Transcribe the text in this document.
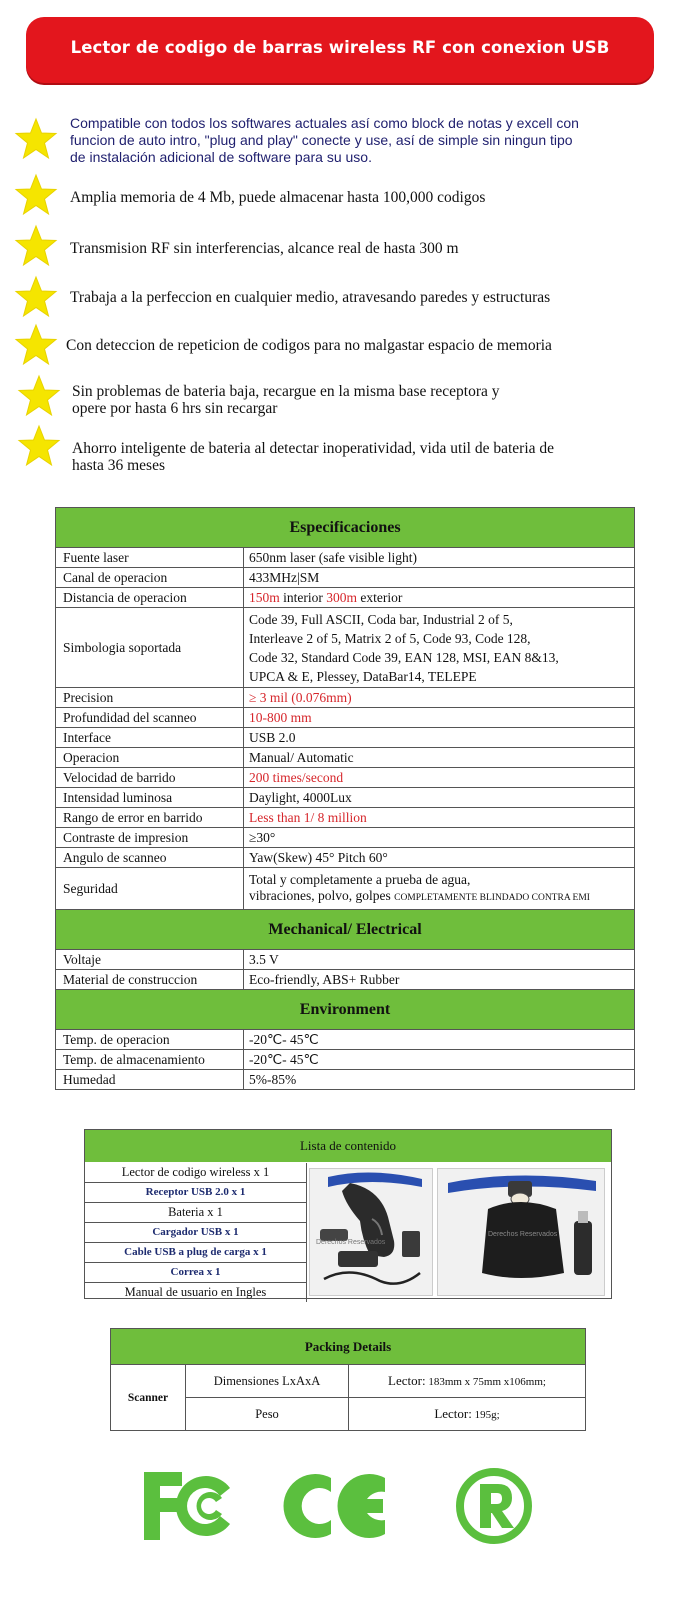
Lector de codigo de barras wireless RF con conexion USB
Compatible con todos los softwares actuales así como block de notas y excell con
funcion de auto intro, "plug and play" conecte y use, así de simple sin ningun tipo
de instalación adicional de software para su uso.
Amplia memoria de 4 Mb, puede almacenar hasta 100,000 codigos
Transmision RF sin interferencias, alcance real de hasta 300 m
Trabaja a la perfeccion en cualquier medio, atravesando paredes y estructuras
Con deteccion de repeticion de codigos para no malgastar espacio de memoria
Sin problemas de bateria baja, recargue en la misma base receptora y
opere por hasta 6 hrs sin recargar
Ahorro inteligente de bateria al detectar inoperatividad, vida util de bateria de
hasta 36 meses
Especificaciones	
Fuente laser	650nm laser (safe visible light)
Canal de operacion	433MHz|SM
Distancia de operacion	150m interior 300m exterior
Simbologia soportada	Code 39, Full ASCII, Coda bar, Industrial 2 of 5,
Interleave 2 of 5, Matrix 2 of 5, Code 93, Code 128,
Code 32, Standard Code 39, EAN 128, MSI, EAN 8&13,
UPCA & E, Plessey, DataBar14, TELEPE

Precision	≥ 3 mil (0.076mm)
Profundidad del scanneo	10-800 mm
Interface	USB 2.0
Operacion	Manual/ Automatic
Velocidad de barrido	200 times/second
Intensidad luminosa	Daylight, 4000Lux
Rango de error en barrido	Less than 1/ 8 million
Contraste de impresion	≥30°
Angulo de scanneo	Yaw(Skew) 45° Pitch 60°
Seguridad	Total y completamente a prueba de agua,
vibraciones, polvo, golpes COMPLETAMENTE BLINDADO CONTRA EMI

Mechanical/ Electrical	
Voltaje	3.5 V
Material de construccion	Eco-friendly, ABS+ Rubber
Environment	
Temp. de operacion	-20℃- 45℃
Temp. de almacenamiento	-20℃- 45℃
Humedad	5%-85%
Lista de contenido
Lector de codigo wireless x 1
Receptor USB 2.0 x 1
Bateria x 1
Cargador USB x 1
Cable USB a plug de carga x 1
Correa x 1
Manual de usuario en Ingles
Derechos Reservados
Derechos Reservados
Packing Details		
Scanner	Dimensiones LxAxA	Lector: 183mm x 75mm x106mm;
	Peso	Lector: 195g;
